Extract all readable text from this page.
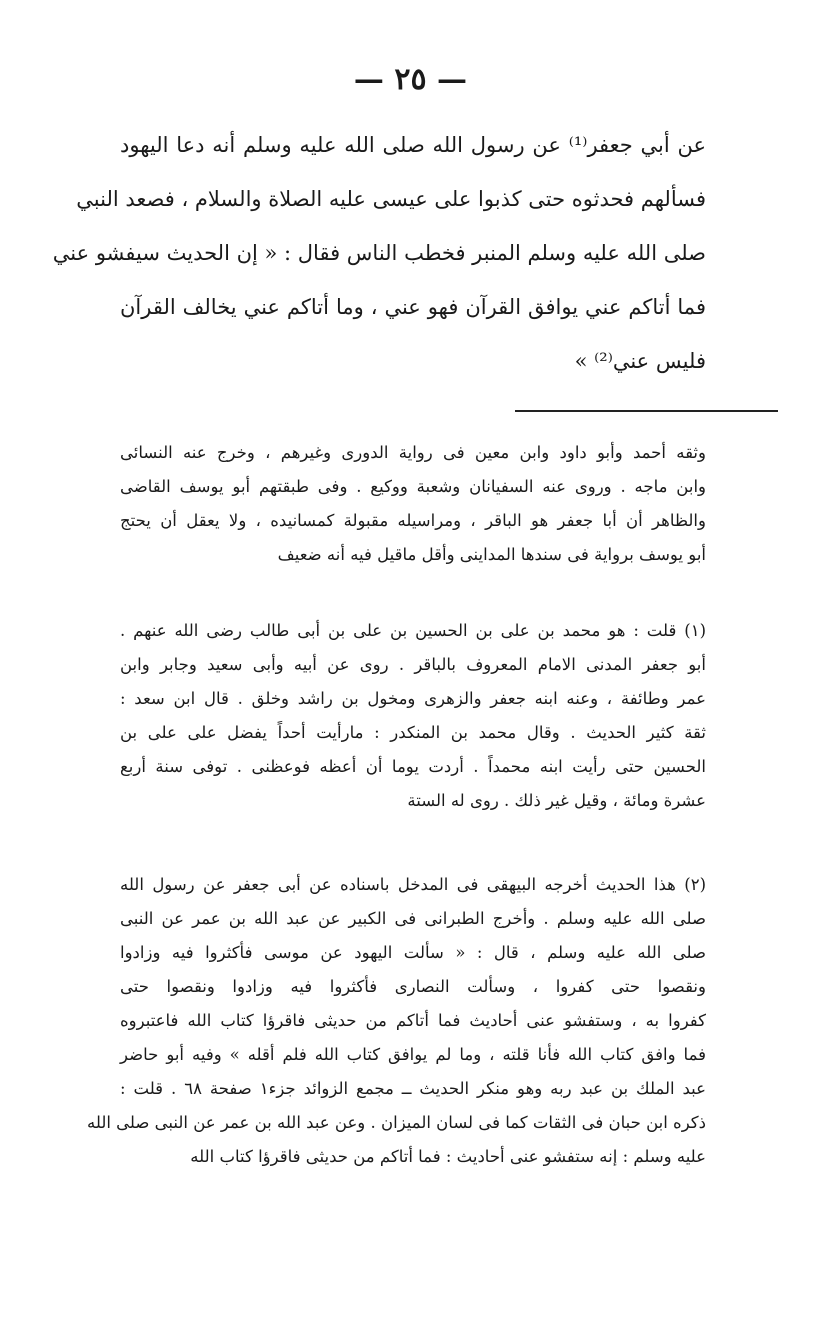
— ٢٥ —
عن أبي جعفر⁽¹⁾ عن رسول الله صلى الله عليه وسلم أنه دعا اليهود
فسألهم فحدثوه حتى كذبوا على عيسى عليه الصلاة والسلام ، فصعد النبي
صلى الله عليه وسلم المنبر فخطب الناس فقال : « إن الحديث سيفشو عني
فما أتاكم عني يوافق القرآن فهو عني ، وما أتاكم عني يخالف القرآن
فليس عني⁽²⁾ »
وثقه أحمد وأبو داود وابن معين فى رواية الدورى وغيرهم ، وخرج عنه النسائى
وابن ماجه . وروى عنه السفيانان وشعبة ووكيع . وفى طبقتهم أبو يوسف القاضى
والظاهر أن أبا جعفر هو الباقر ، ومراسيله مقبولة كمسانيده ، ولا يعقل أن يحتج
أبو يوسف برواية فى سندها المداينى وأقل ماقيل فيه أنه ضعيف
(١) قلت : هو محمد بن على بن الحسين بن على بن أبى طالب رضى الله عنهم .
أبو جعفر المدنى الامام المعروف بالباقر . روى عن أبيه وأبى سعيد وجابر وابن
عمر وطائفة ، وعنه ابنه جعفر والزهرى ومخول بن راشد وخلق . قال ابن سعد :
ثقة كثير الحديث . وقال محمد بن المنكدر : مارأيت أحداً يفضل على على بن
الحسين حتى رأيت ابنه محمداً . أردت يوما أن أعظه فوعظنى . توفى سنة أربع
عشرة ومائة ، وقيل غير ذلك . روى له الستة
(٢) هذا الحديث أخرجه البيهقى فى المدخل باسناده عن أبى جعفر عن رسول الله
صلى الله عليه وسلم . وأخرج الطبرانى فى الكبير عن عبد الله بن عمر عن النبى
صلى الله عليه وسلم ، قال : « سألت اليهود عن موسى فأكثروا فيه وزادوا
ونقصوا حتى كفروا ، وسألت النصارى فأكثروا فيه وزادوا ونقصوا حتى
كفروا به ، وستفشو عنى أحاديث فما أتاكم من حديثى فاقرؤا كتاب الله فاعتبروه
فما وافق كتاب الله فأنا قلته ، وما لم يوافق كتاب الله فلم أقله » وفيه أبو حاضر
عبد الملك بن عبد ربه وهو منكر الحديث ــ مجمع الزوائد جزء١ صفحة ٦٨ . قلت :
ذكره ابن حبان فى الثقات كما فى لسان الميزان . وعن عبد الله بن عمر عن النبى صلى الله
عليه وسلم : إنه ستفشو عنى أحاديث : فما أتاكم من حديثى فاقرؤا كتاب الله
